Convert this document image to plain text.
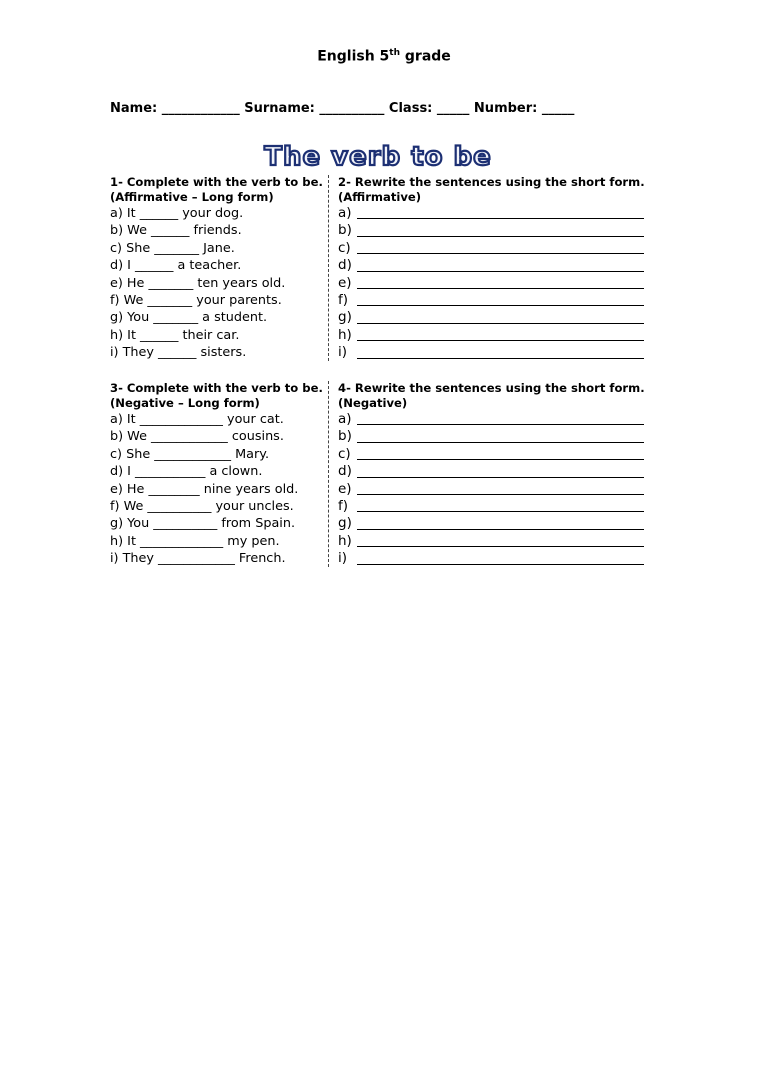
English 5th grade
Name: ____________ Surname: __________ Class: _____ Number: _____
The verb to be
1- Complete with the verb to be.
(Affirmative – Long form)
a) It ______ your dog.
b) We ______ friends.
c) She _______ Jane.
d) I ______ a teacher.
e) He _______ ten years old.
f) We _______ your parents.
g) You _______ a student.
h) It ______ their car.
i) They ______ sisters.
2- Rewrite the sentences using the short form.
(Affirmative)
a)
b)
c)
d)
e)
f)
g)
h)
i)
3- Complete with the verb to be.
(Negative – Long form)
a) It _____________ your cat.
b) We ____________ cousins.
c) She ____________ Mary.
d) I ___________ a clown.
e) He ________ nine years old.
f) We __________ your uncles.
g) You __________ from Spain.
h) It _____________ my pen.
i) They ____________ French.
4- Rewrite the sentences using the short form.
(Negative)
a)
b)
c)
d)
e)
f)
g)
h)
i)
